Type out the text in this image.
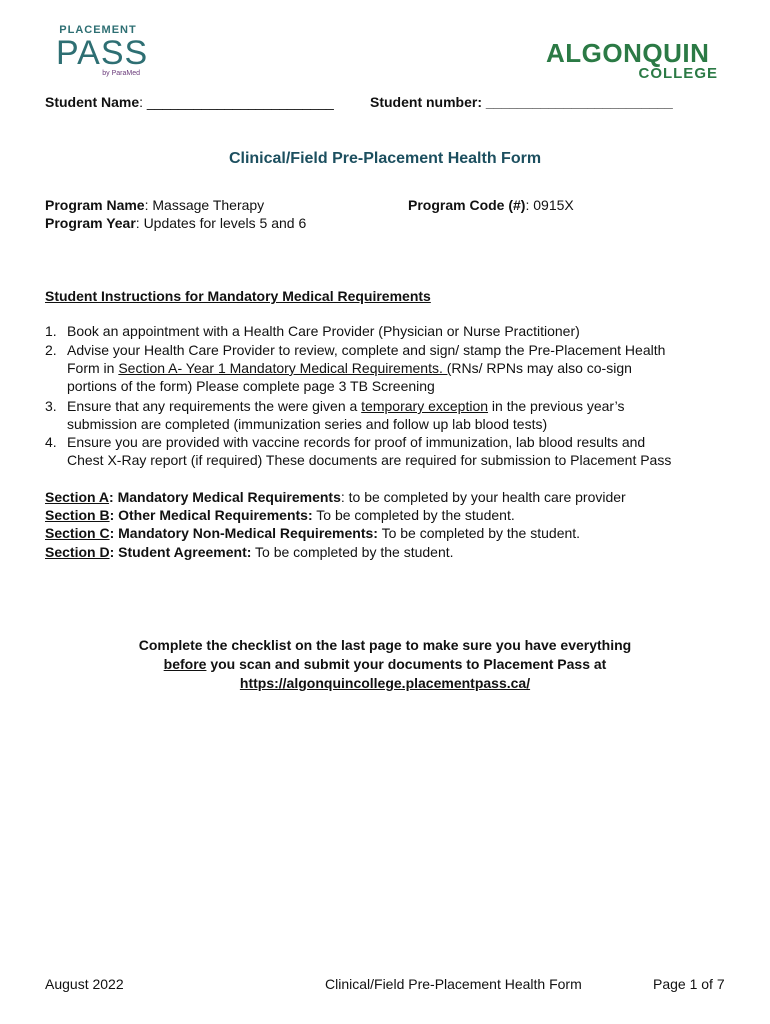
PLACEMENT
PASS
by ParaMed
ALGONQUIN
COLLEGE
Student Name: ________________________	Student number: ________________________
Clinical/Field Pre-Placement Health Form
Program Name: Massage Therapy
Program Year: Updates for levels 5 and 6
Program Code (#): 0915X
Student Instructions for Mandatory Medical Requirements
1. Book an appointment with a Health Care Provider (Physician or Nurse Practitioner)
2. Advise your Health Care Provider to review, complete and sign/ stamp the Pre-Placement Health
Form in Section A- Year 1 Mandatory Medical Requirements. (RNs/ RPNs may also co-sign
portions of the form) Please complete page 3 TB Screening
3. Ensure that any requirements the were given a temporary exception in the previous year’s
submission are completed (immunization series and follow up lab blood tests)
4. Ensure you are provided with vaccine records for proof of immunization, lab blood results and
Chest X-Ray report (if required) These documents are required for submission to Placement Pass
Section A: Mandatory Medical Requirements: to be completed by your health care provider
Section B: Other Medical Requirements: To be completed by the student.
Section C: Mandatory Non-Medical Requirements: To be completed by the student.
Section D: Student Agreement: To be completed by the student.
Complete the checklist on the last page to make sure you have everything
before you scan and submit your documents to Placement Pass at
https://algonquincollege.placementpass.ca/
August 2022	Clinical/Field Pre-Placement Health Form	Page 1 of 7
